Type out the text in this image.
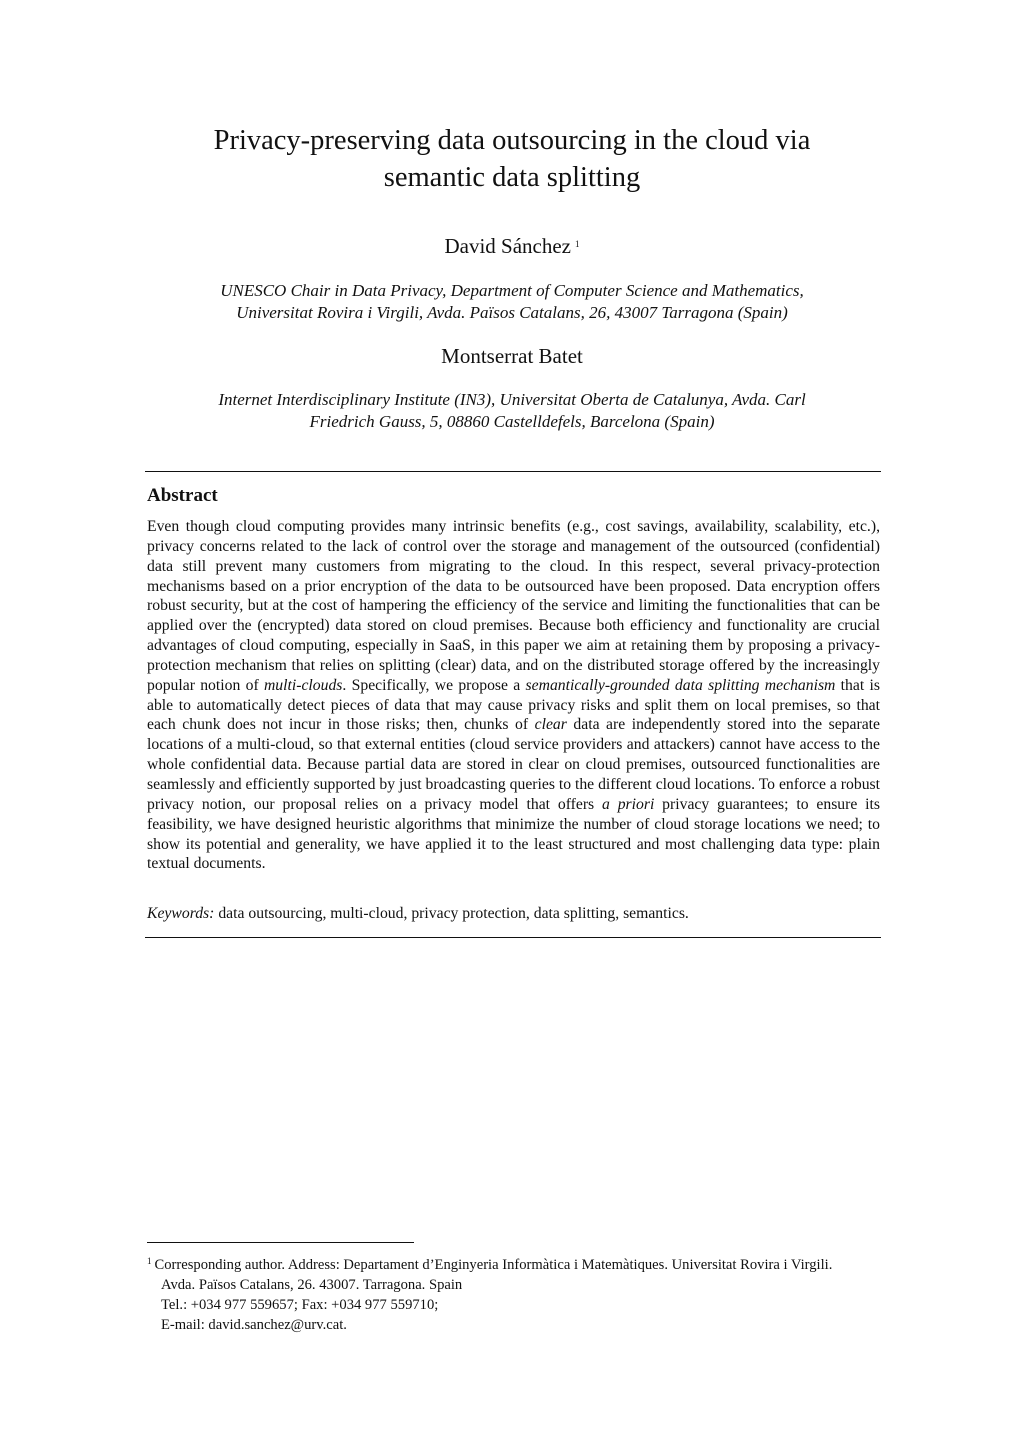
Privacy-preserving data outsourcing in the cloud via
semantic data splitting
David Sánchez $^1$
UNESCO Chair in Data Privacy, Department of Computer Science and Mathematics,
Universitat Rovira i Virgili, Avda. Països Catalans, 26, 43007 Tarragona (Spain)
Montserrat Batet
Internet Interdisciplinary Institute (IN3), Universitat Oberta de Catalunya, Avda. Carl
Friedrich Gauss, 5, 08860 Castelldefels, Barcelona (Spain)
Abstract
Even though cloud computing provides many intrinsic benefits (e.g., cost savings, availability, scalability, etc.), privacy concerns related to the lack of control over the storage and management of the outsourced (confidential) data still prevent many customers from migrating to the cloud. In this respect, several privacy-protection mechanisms based on a prior encryption of the data to be outsourced have been proposed. Data encryption offers robust security, but at the cost of hampering the efficiency of the service and limiting the functionalities that can be applied over the (encrypted) data stored on cloud premises. Because both efficiency and functionality are crucial advantages of cloud computing, especially in SaaS, in this paper we aim at retaining them by proposing a privacy-protection mechanism that relies on splitting (clear) data, and on the distributed storage offered by the increasingly popular notion of multi-clouds. Specifically, we propose a semantically-grounded data splitting mechanism that is able to automatically detect pieces of data that may cause privacy risks and split them on local premises, so that each chunk does not incur in those risks; then, chunks of clear data are independently stored into the separate locations of a multi-cloud, so that external entities (cloud service providers and attackers) cannot have access to the whole confidential data. Because partial data are stored in clear on cloud premises, outsourced functionalities are seamlessly and efficiently supported by just broadcasting queries to the different cloud locations. To enforce a robust privacy notion, our proposal relies on a privacy model that offers a priori privacy guarantees; to ensure its feasibility, we have designed heuristic algorithms that minimize the number of cloud storage locations we need; to show its potential and generality, we have applied it to the least structured and most challenging data type: plain textual documents.
Keywords: data outsourcing, multi-cloud, privacy protection, data splitting, semantics.
$^1$ Corresponding author. Address: Departament d’Enginyeria Informàtica i Matemàtiques. Universitat Rovira i Virgili.
Avda. Països Catalans, 26. 43007. Tarragona. Spain
Tel.: +034 977 559657; Fax: +034 977 559710;
E-mail: david.sanchez@urv.cat.
